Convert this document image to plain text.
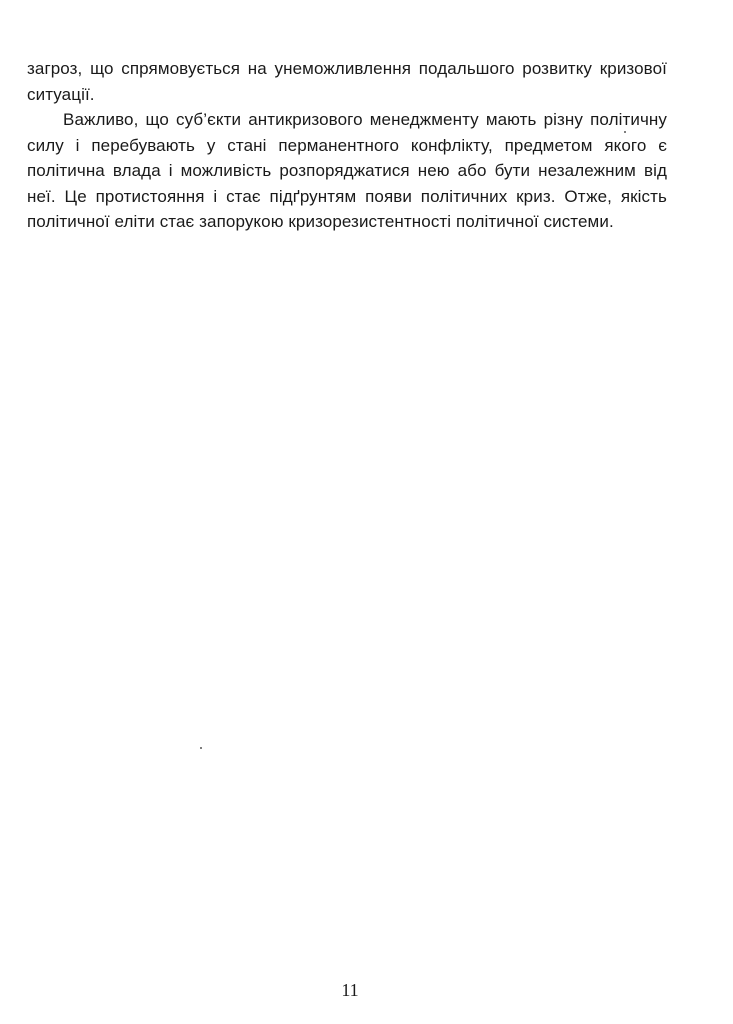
загроз, що спрямовується на унеможливлення подальшого розвитку кризової ситуації.

Важливо, що суб’єкти антикризового менеджменту мають різну політичну силу і перебувають у стані перманентного конфлікту, предметом якого є політична влада і можливість розпоряджатися нею або бути незалежним від неї. Це протистояння і стає підґрунтям появи політичних криз. Отже, якість політичної еліти стає запорукою кризорезистентності політичної системи.

11
